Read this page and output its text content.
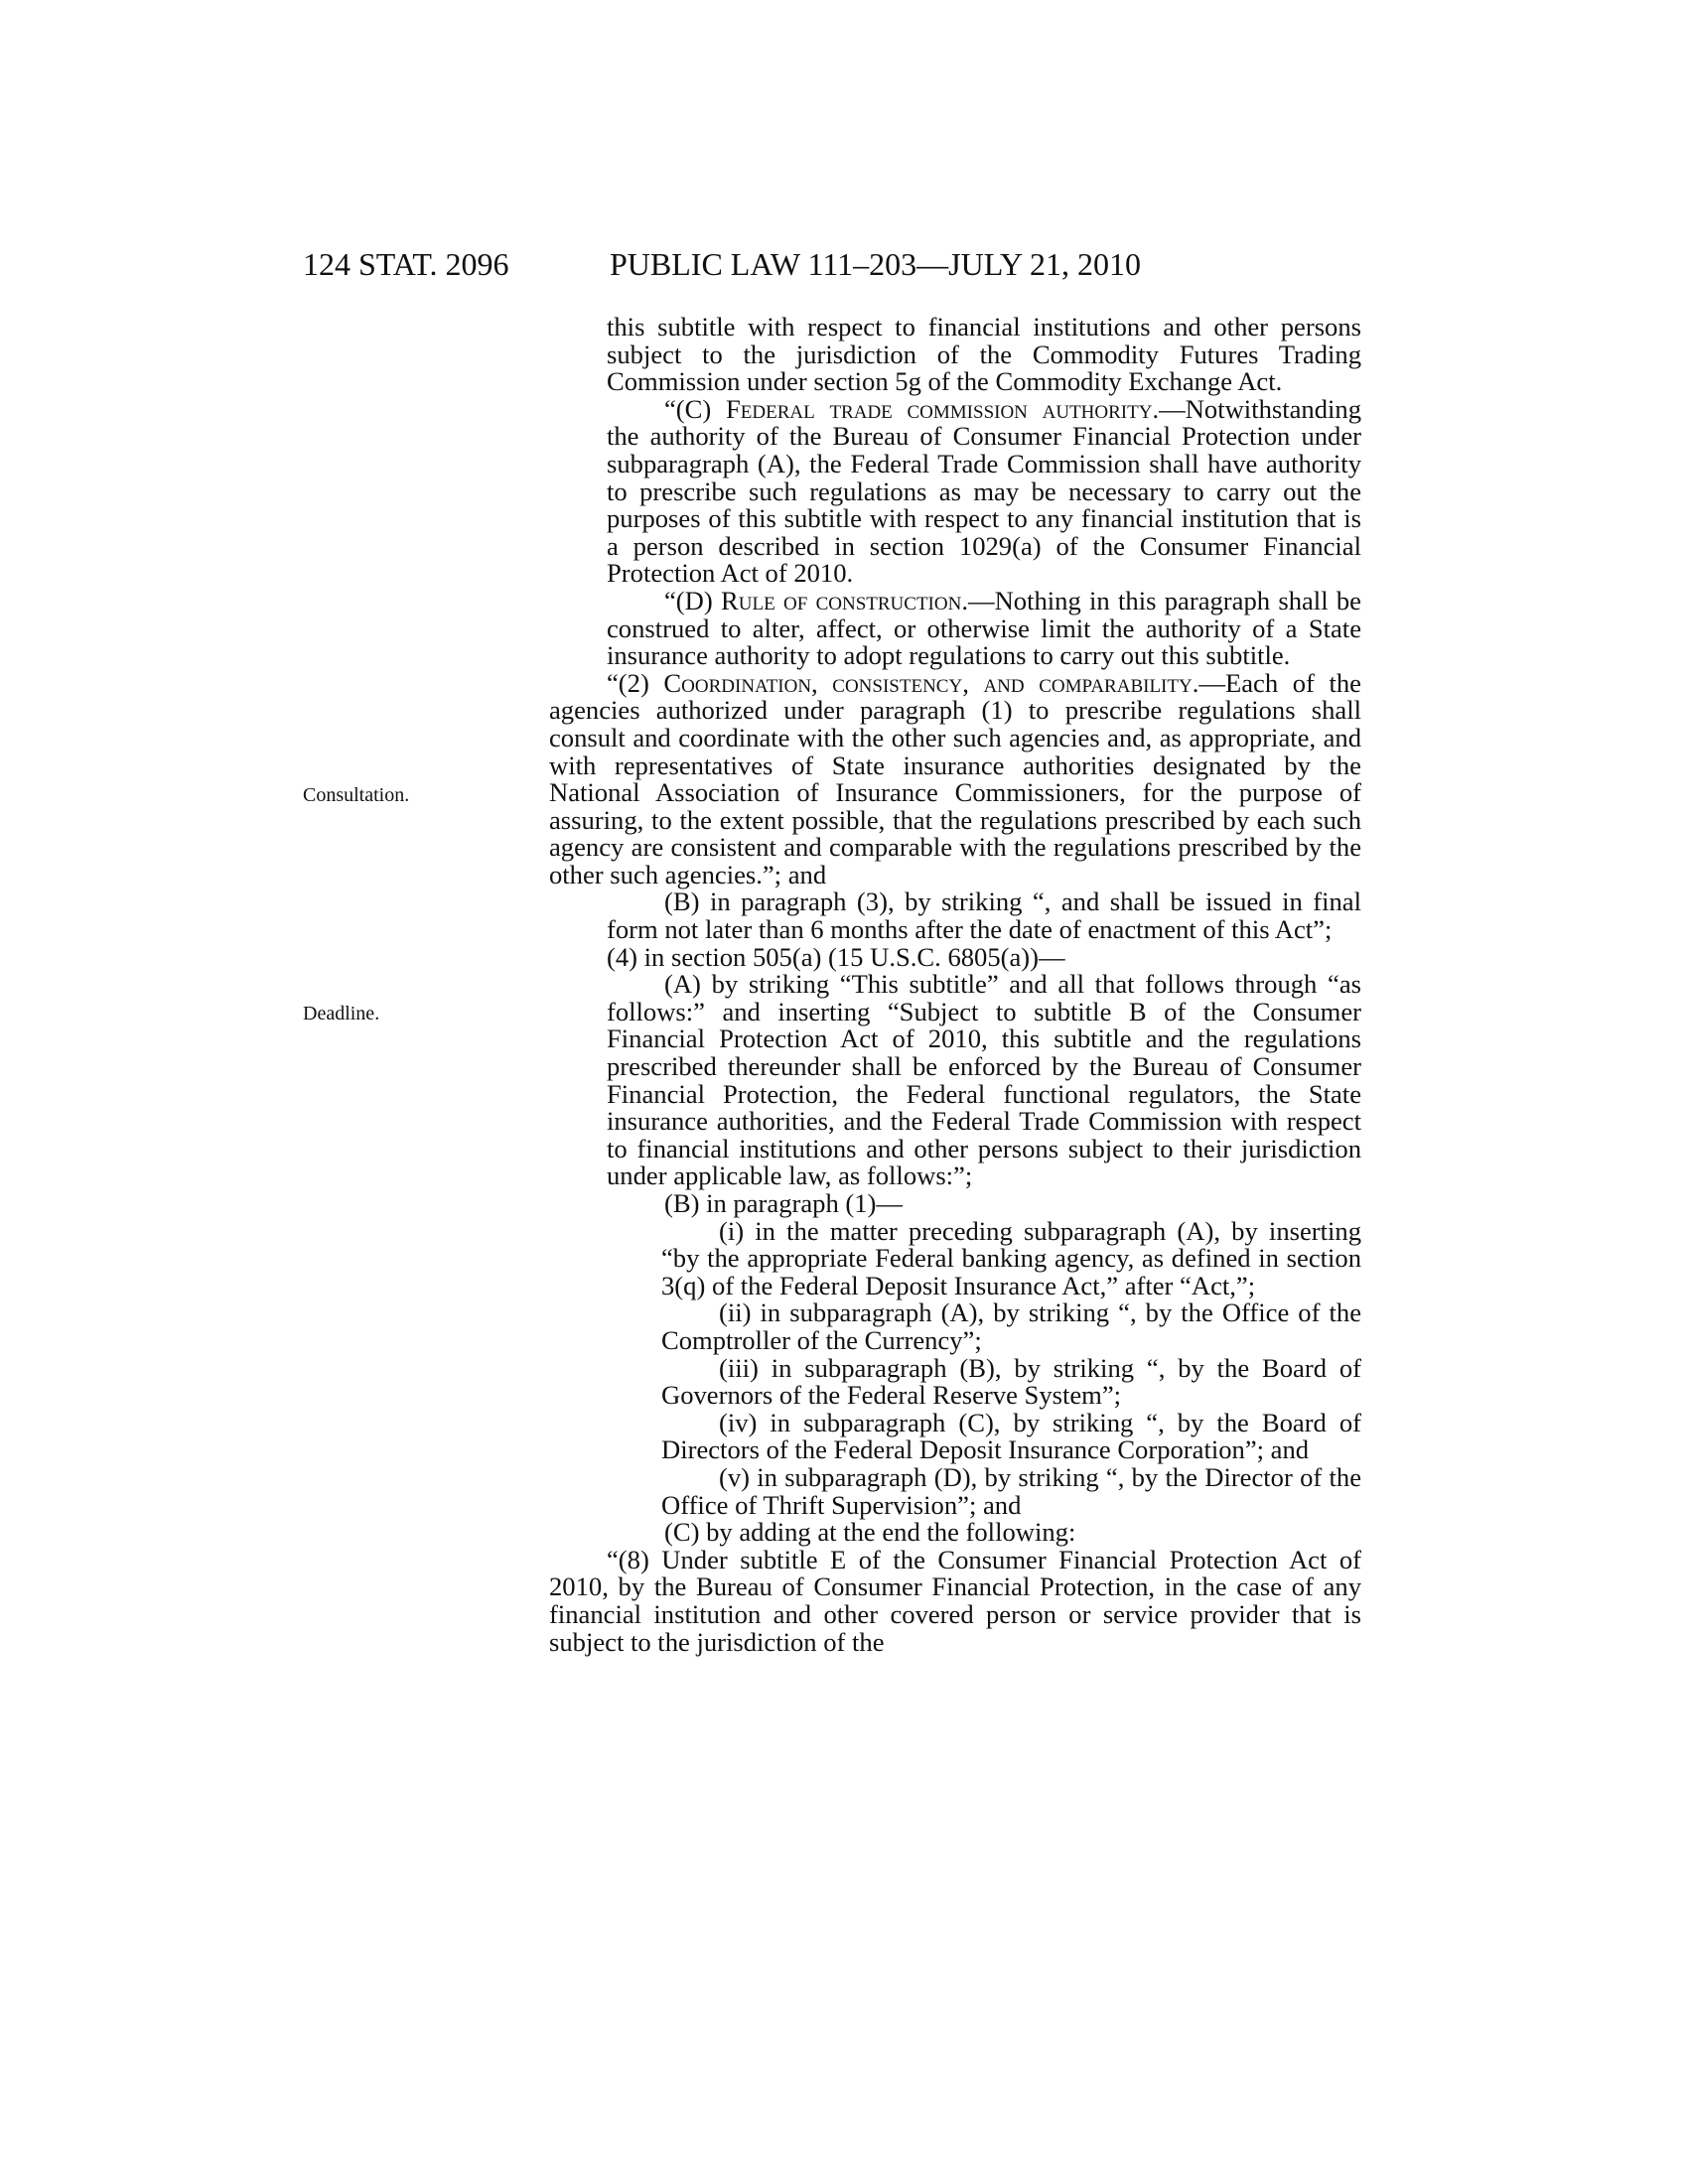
124 STAT. 2096	PUBLIC LAW 111–203—JULY 21, 2010
Consultation.
Deadline.

this subtitle with respect to financial institutions and other persons subject to the jurisdiction of the Commodity Futures Trading Commission under section 5g of the Commodity Exchange Act.

“(C) Federal trade commission authority.—Notwithstanding the authority of the Bureau of Consumer Financial Protection under subparagraph (A), the Federal Trade Commission shall have authority to prescribe such regulations as may be necessary to carry out the purposes of this subtitle with respect to any financial institution that is a person described in section 1029(a) of the Consumer Financial Protection Act of 2010.

“(D) Rule of construction.—Nothing in this paragraph shall be construed to alter, affect, or otherwise limit the authority of a State insurance authority to adopt regulations to carry out this subtitle.

“(2) Coordination, consistency, and comparability.—Each of the agencies authorized under paragraph (1) to prescribe regulations shall consult and coordinate with the other such agencies and, as appropriate, and with representatives of State insurance authorities designated by the National Association of Insurance Commissioners, for the purpose of assuring, to the extent possible, that the regulations prescribed by each such agency are consistent and comparable with the regulations prescribed by the other such agencies.”; and

(B) in paragraph (3), by striking “, and shall be issued in final form not later than 6 months after the date of enactment of this Act”;

(4) in section 505(a) (15 U.S.C. 6805(a))—

(A) by striking “This subtitle” and all that follows through “as follows:” and inserting “Subject to subtitle B of the Consumer Financial Protection Act of 2010, this subtitle and the regulations prescribed thereunder shall be enforced by the Bureau of Consumer Financial Protection, the Federal functional regulators, the State insurance authorities, and the Federal Trade Commission with respect to financial institutions and other persons subject to their jurisdiction under applicable law, as follows:”;

(B) in paragraph (1)—

(i) in the matter preceding subparagraph (A), by inserting “by the appropriate Federal banking agency, as defined in section 3(q) of the Federal Deposit Insurance Act,” after “Act,”;

(ii) in subparagraph (A), by striking “, by the Office of the Comptroller of the Currency”;

(iii) in subparagraph (B), by striking “, by the Board of Governors of the Federal Reserve System”;

(iv) in subparagraph (C), by striking “, by the Board of Directors of the Federal Deposit Insurance Corporation”; and

(v) in subparagraph (D), by striking “, by the Director of the Office of Thrift Supervision”; and

(C) by adding at the end the following:

“(8) Under subtitle E of the Consumer Financial Protection Act of 2010, by the Bureau of Consumer Financial Protection, in the case of any financial institution and other covered person or service provider that is subject to the jurisdiction of the
